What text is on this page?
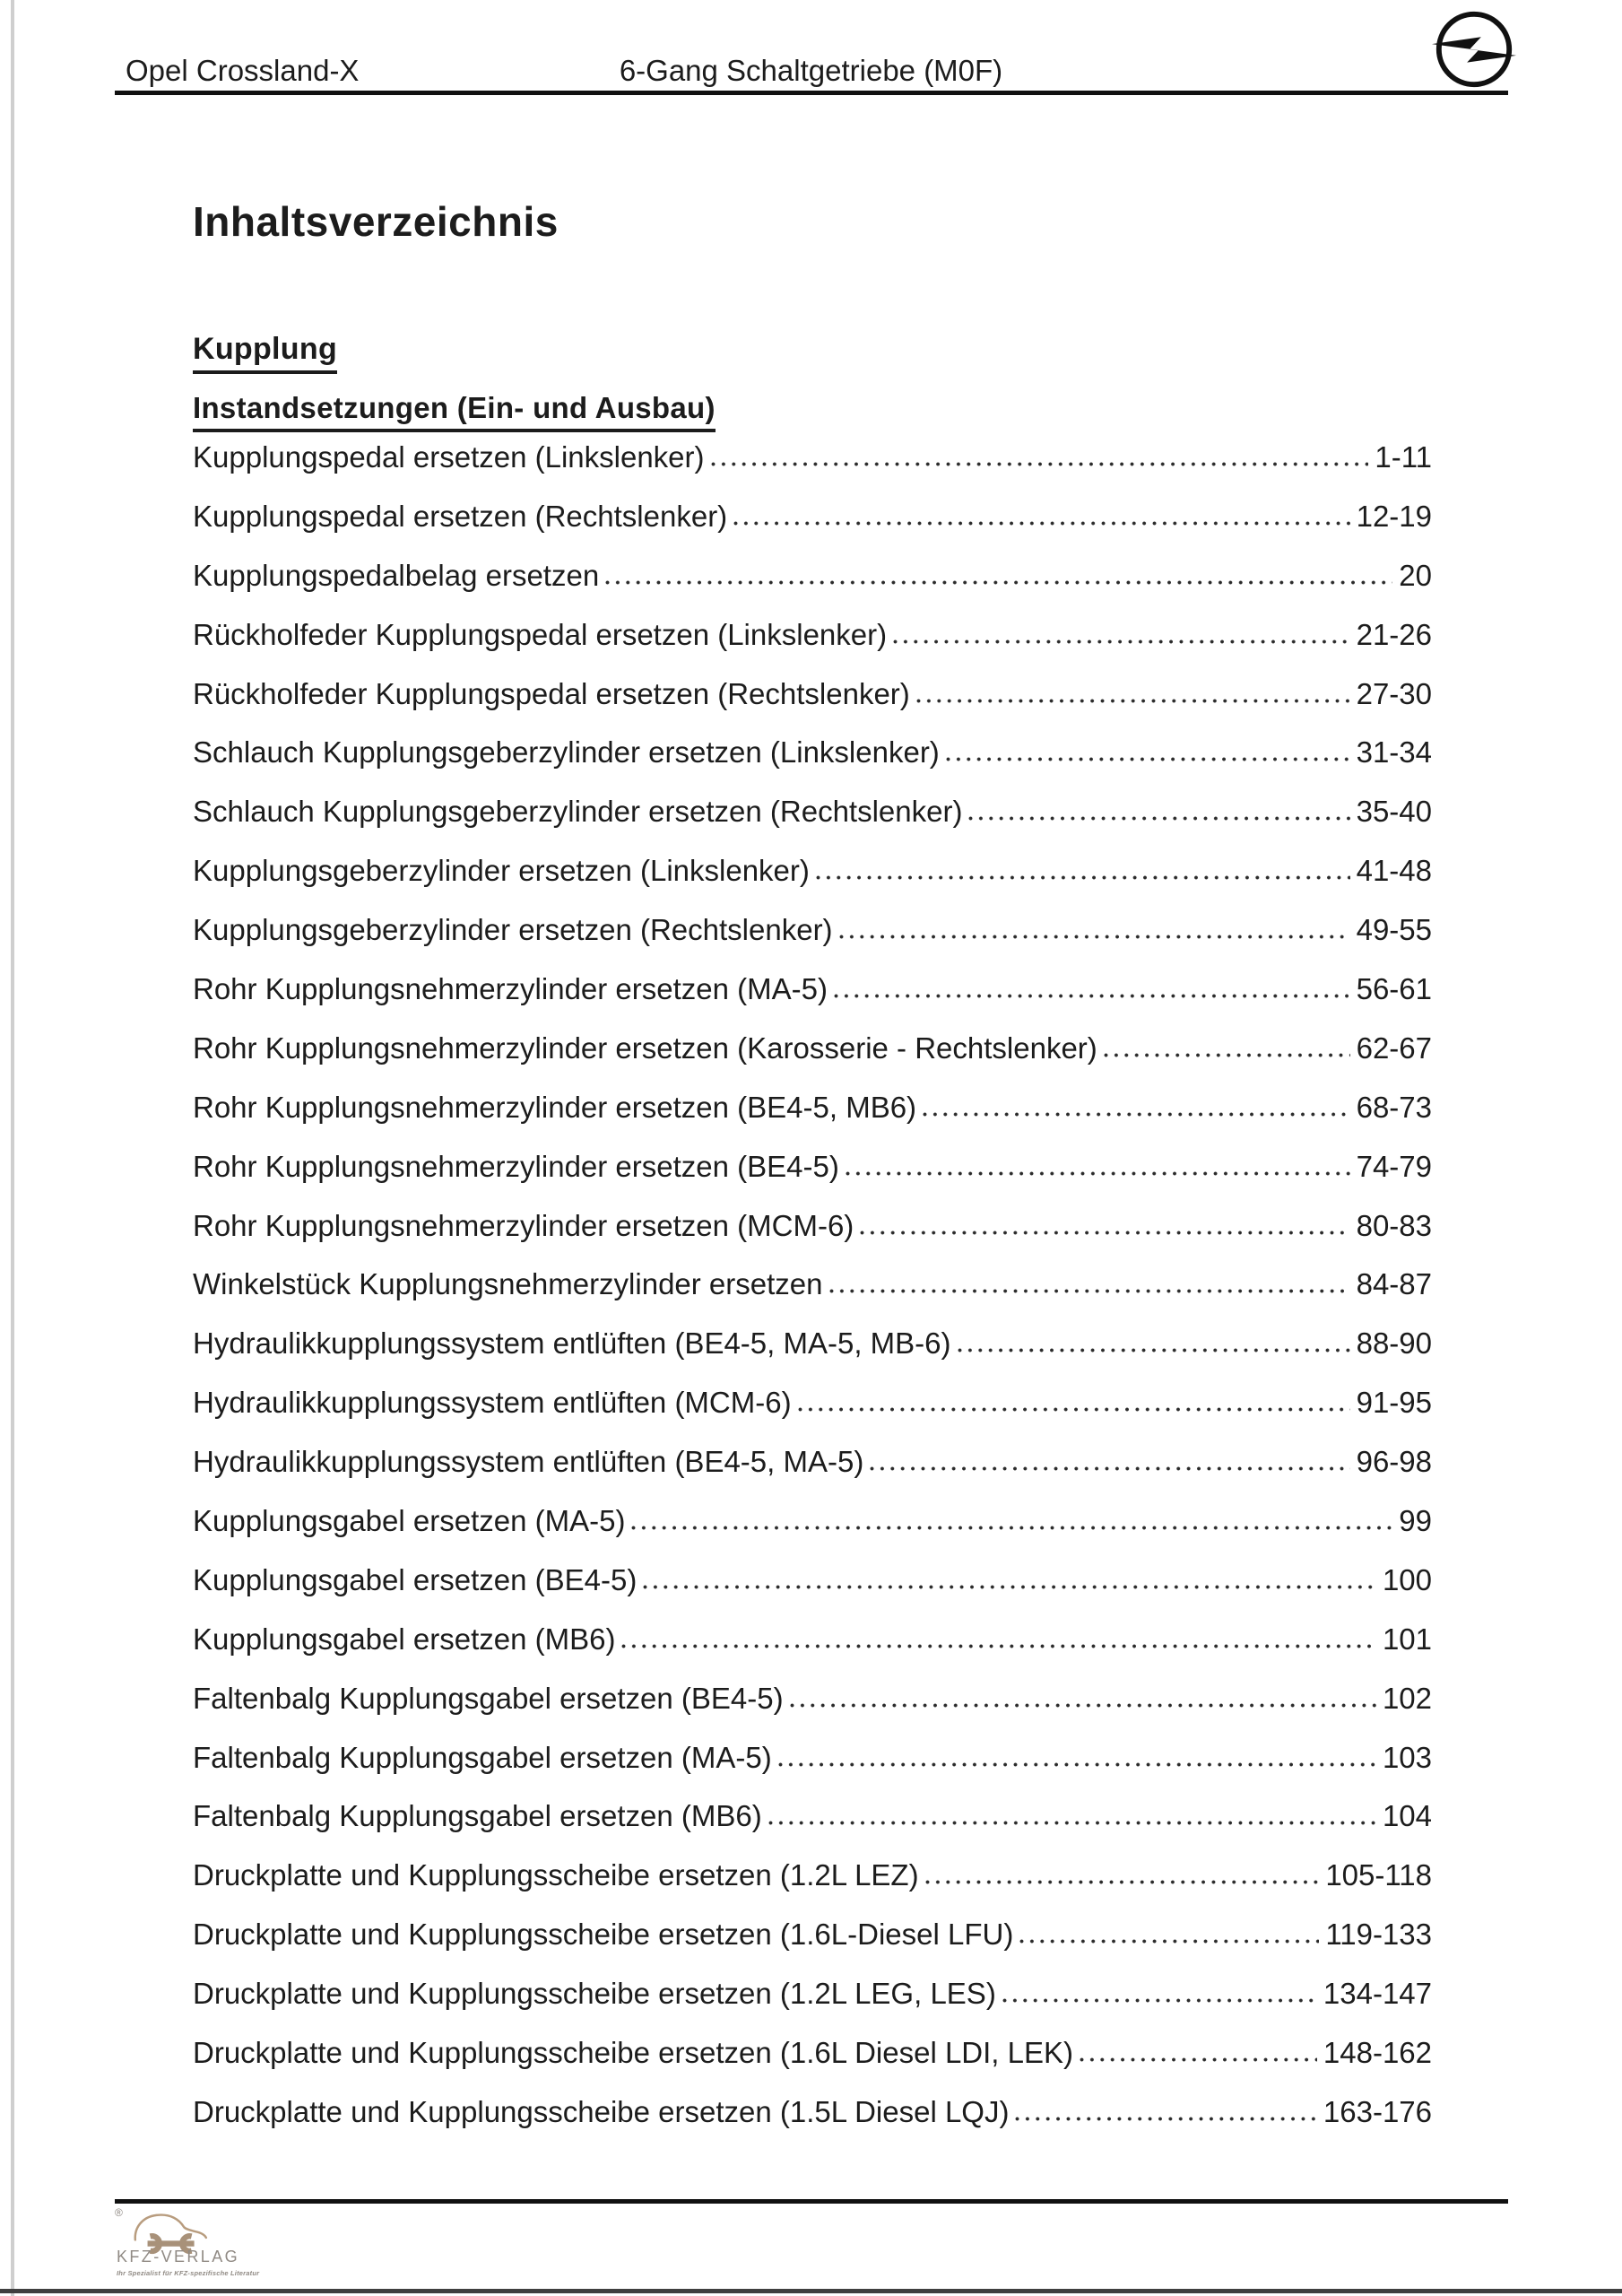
Opel Crossland-X	6-Gang Schaltgetriebe (M0F)
Inhaltsverzeichnis
Kupplung
Instandsetzungen (Ein- und Ausbau)
Kupplungspedal ersetzen (Linkslenker)	1-11
Kupplungspedal ersetzen (Rechtslenker)	12-19
Kupplungspedalbelag ersetzen	20
Rückholfeder Kupplungspedal ersetzen (Linkslenker)	21-26
Rückholfeder Kupplungspedal ersetzen (Rechtslenker)	27-30
Schlauch Kupplungsgeberzylinder ersetzen (Linkslenker)	31-34
Schlauch Kupplungsgeberzylinder ersetzen (Rechtslenker)	35-40
Kupplungsgeberzylinder ersetzen (Linkslenker)	41-48
Kupplungsgeberzylinder ersetzen (Rechtslenker)	49-55
Rohr Kupplungsnehmerzylinder ersetzen (MA-5)	56-61
Rohr Kupplungsnehmerzylinder ersetzen (Karosserie - Rechtslenker)	62-67
Rohr Kupplungsnehmerzylinder ersetzen (BE4-5, MB6)	68-73
Rohr Kupplungsnehmerzylinder ersetzen (BE4-5)	74-79
Rohr Kupplungsnehmerzylinder ersetzen (MCM-6)	80-83
Winkelstück Kupplungsnehmerzylinder ersetzen	84-87
Hydraulikkupplungssystem entlüften (BE4-5, MA-5, MB-6)	88-90
Hydraulikkupplungssystem entlüften (MCM-6)	91-95
Hydraulikkupplungssystem entlüften (BE4-5, MA-5)	96-98
Kupplungsgabel ersetzen (MA-5)	99
Kupplungsgabel ersetzen (BE4-5)	100
Kupplungsgabel ersetzen (MB6)	101
Faltenbalg Kupplungsgabel ersetzen (BE4-5)	102
Faltenbalg Kupplungsgabel ersetzen (MA-5)	103
Faltenbalg Kupplungsgabel ersetzen (MB6)	104
Druckplatte und Kupplungsscheibe ersetzen (1.2L LEZ)	105-118
Druckplatte und Kupplungsscheibe ersetzen (1.6L-Diesel LFU)	119-133
Druckplatte und Kupplungsscheibe ersetzen (1.2L LEG, LES)	134-147
Druckplatte und Kupplungsscheibe ersetzen (1.6L Diesel LDI, LEK)	148-162
Druckplatte und Kupplungsscheibe ersetzen (1.5L Diesel LQJ)	163-176
®
KFZ-VERLAG
Ihr Spezialist für KFZ-spezifische Literatur
